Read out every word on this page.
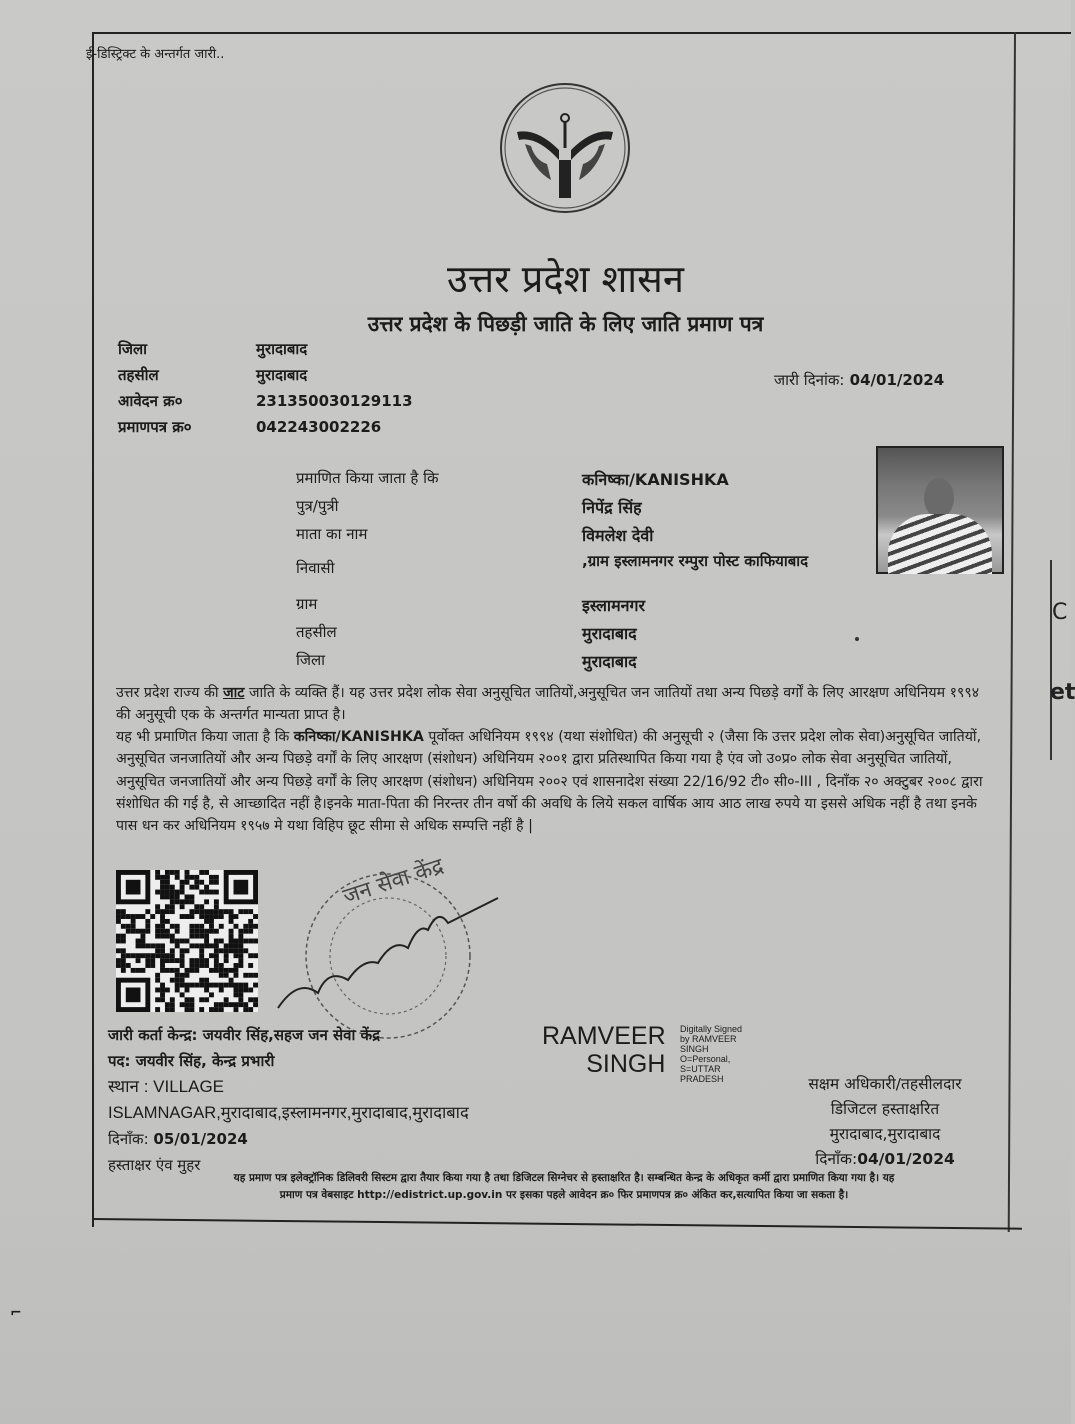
C
et
ई-डिस्ट्रिक्ट के अन्तर्गत जारी..
उत्तर प्रदेश शासन
उत्तर प्रदेश के पिछड़ी जाति के लिए जाति प्रमाण पत्र
जिला	मुरादाबाद
तहसील	मुरादाबाद
आवेदन क्र०	231350030129113
प्रमाणपत्र क्र०	042243002226
जारी दिनांक: 04/01/2024
प्रमाणित किया जाता है कि	कनिष्का/KANISHKA
पुत्र/पुत्री	निपेंद्र सिंह
माता का नाम	विमलेश देवी
निवासी	,ग्राम इस्लामनगर रम्पुरा पोस्ट काफियाबाद
ग्राम	इस्लामनगर
तहसील	मुरादाबाद
जिला	मुरादाबाद
उत्तर प्रदेश राज्य की जाट जाति के व्यक्ति हैं। यह उत्तर प्रदेश लोक सेवा अनुसूचित जातियों,अनुसूचित जन जातियों तथा अन्य पिछड़े वर्गों के लिए आरक्षण अधिनियम १९९४ की अनुसूची एक के अन्तर्गत मान्यता प्राप्त है।
यह भी प्रमाणित किया जाता है कि कनिष्का/KANISHKA पूर्वोक्त अधिनियम १९९४ (यथा संशोधित) की अनुसूची २ (जैसा कि उत्तर प्रदेश लोक सेवा)अनुसूचित जातियों, अनुसूचित जनजातियों और अन्य पिछड़े वर्गों के लिए आरक्षण (संशोधन) अधिनियम २००१ द्वारा प्रतिस्थापित किया गया है एंव जो उ०प्र० लोक सेवा अनुसूचित जातियों, अनुसूचित जनजातियों और अन्य पिछड़े वर्गों के लिए आरक्षण (संशोधन) अधिनियम २००२ एवं शासनादेश संख्या 22/16/92 टी० सी०-III , दिनाँक २० अक्टुबर २००८ द्वारा संशोधित की गई है, से आच्छादित नहीं है।इनके माता-पिता की निरन्तर तीन वर्षो की अवधि के लिये सकल वार्षिक आय आठ लाख रुपये या इससे अधिक नहीं है तथा इनके पास धन कर अधिनियम १९५७ मे यथा विहिप छूट सीमा से अधिक सम्पत्ति नहीं है |
जन सेवा केंद्र
जारी कर्ता केन्द्र: जयवीर सिंह,सहज जन सेवा केंद्र
पद: जयवीर सिंह, केन्द्र प्रभारी
स्थान : VILLAGE
ISLAMNAGAR,मुरादाबाद,इस्लामनगर,मुरादाबाद,मुरादाबाद
दिनाँक: 05/01/2024
हस्ताक्षर एंव मुहर
RAMVEER
SINGH
Digitally Signed
by RAMVEER
SINGH
O=Personal,
S=UTTAR
PRADESH	सक्षम अधिकारी/तहसीलदार
डिजिटल हस्ताक्षरित
मुरादाबाद,मुरादाबाद
दिनाँक:04/01/2024
यह प्रमाण पत्र इलेक्ट्रॉनिक डिलिवरी सिस्टम द्वारा तैयार किया गया है तथा डिजिटल सिग्नेचर से हस्ताक्षरित है। सम्बन्धित केन्द्र के अधिकृत कर्मी द्वारा प्रमाणित किया गया है। यह
प्रमाण पत्र वेबसाइट http://edistrict.up.gov.in पर इसका पहले आवेदन क्र० फिर प्रमाणपत्र क्र० अंकित कर,सत्यापित किया जा सकता है।
⌐
